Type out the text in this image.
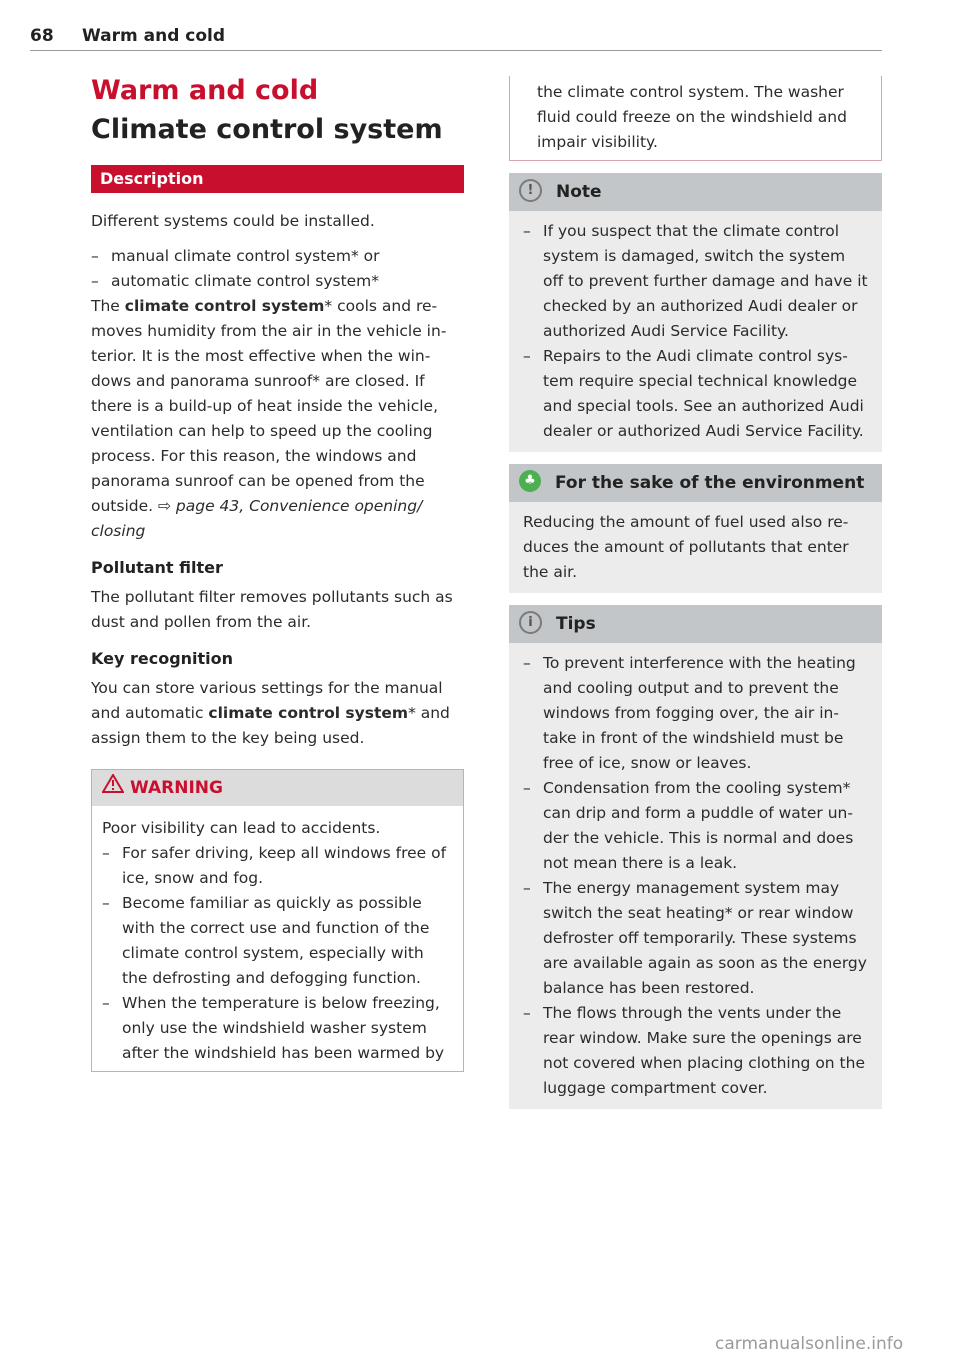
68 Warm and cold
Warm and cold
Climate control system
Description

Different systems could be installed.

– manual climate control system* or
– automatic climate control system*

The climate control system* cools and re-moves humidity from the air in the vehicle in-terior. It is the most effective when the win-dows and panorama sunroof* are closed. If there is a build-up of heat inside the vehicle, ventilation can help to speed up the cooling process. For this reason, the windows and panorama sunroof can be opened from the outside. ⇨ page 43, Convenience opening/ closing

Pollutant filter

The pollutant filter removes pollutants such as dust and pollen from the air.

Key recognition

You can store various settings for the manual and automatic climate control system* and assign them to the key being used.

WARNING

Poor visibility can lead to accidents.

– For safer driving, keep all windows free of ice, snow and fog.
– Become familiar as quickly as possible with the correct use and function of the climate control system, especially with the defrosting and defogging function.
– When the temperature is below freezing, only use the windshield washer system after the windshield has been warmed by

the climate control system. The washer fluid could freeze on the windshield and impair visibility.

! Note
– If you suspect that the climate control system is damaged, switch the system off to prevent further damage and have it checked by an authorized Audi dealer or authorized Audi Service Facility.
– Repairs to the Audi climate control sys-tem require special technical knowledge and special tools. See an authorized Audi dealer or authorized Audi Service Facility.
♣ For the sake of the environment

Reducing the amount of fuel used also re-duces the amount of pollutants that enter the air.

i Tips
– To prevent interference with the heating and cooling output and to prevent the windows from fogging over, the air in-take in front of the windshield must be free of ice, snow or leaves.
– Condensation from the cooling system* can drip and form a puddle of water un-der the vehicle. This is normal and does not mean there is a leak.
– The energy management system may switch the seat heating* or rear window defroster off temporarily. These systems are available again as soon as the energy balance has been restored.
– The flows through the vents under the rear window. Make sure the openings are not covered when placing clothing on the luggage compartment cover.
carmanualsonline.info
